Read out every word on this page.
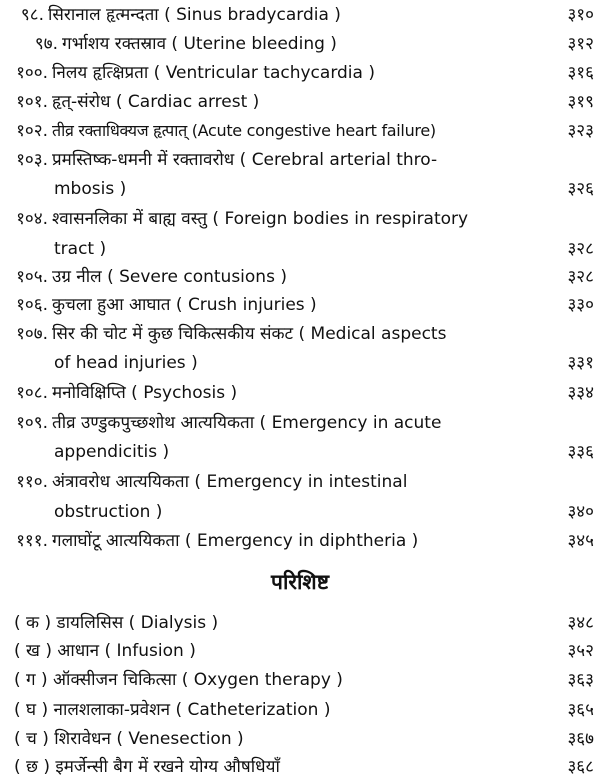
९८. सिरानाल हृत्मन्दता ( Sinus bradycardia )	३१०
९७. गर्भाशय रक्तस्राव ( Uterine bleeding )	३१२
१००. निलय हृत्क्षिप्रता ( Ventricular tachycardia )	३१६
१०१. हृत्-संरोध ( Cardiac arrest )	३१९
१०२. तीव्र रक्ताधिक्यज हृत्पात् (Acute congestive heart failure)	३२३
१०३. प्रमस्तिष्क-धमनी में रक्तावरोध ( Cerebral arterial thro-
mbosis )	३२६
१०४. श्वासनलिका में बाह्य वस्तु ( Foreign bodies in respiratory
tract )	३२८
१०५. उग्र नील ( Severe contusions )	३२८
१०६. कुचला हुआ आघात ( Crush injuries )	३३०
१०७. सिर की चोट में कुछ चिकित्सकीय संकट ( Medical aspects
of head injuries )	३३१
१०८. मनोविक्षिप्ति ( Psychosis )	३३४
१०९. तीव्र उण्डुकपुच्छशोथ आत्ययिकता ( Emergency in acute
appendicitis )	३३६
११०. अंत्रावरोध आत्ययिकता ( Emergency in intestinal
obstruction )	३४०
१११. गलाघोंटू आत्ययिकता ( Emergency in diphtheria )	३४५
परिशिष्ट
( क ) डायलिसिस ( Dialysis )	३४८
( ख ) आधान ( Infusion )	३५२
( ग ) ऑक्सीजन चिकित्सा ( Oxygen therapy )	३६३
( घ ) नालशलाका-प्रवेशन ( Catheterization )	३६५
( च ) शिरावेधन ( Venesection )	३६७
( छ ) इमर्जेन्सी बैग में रखने योग्य औषधियाँ	३६८
